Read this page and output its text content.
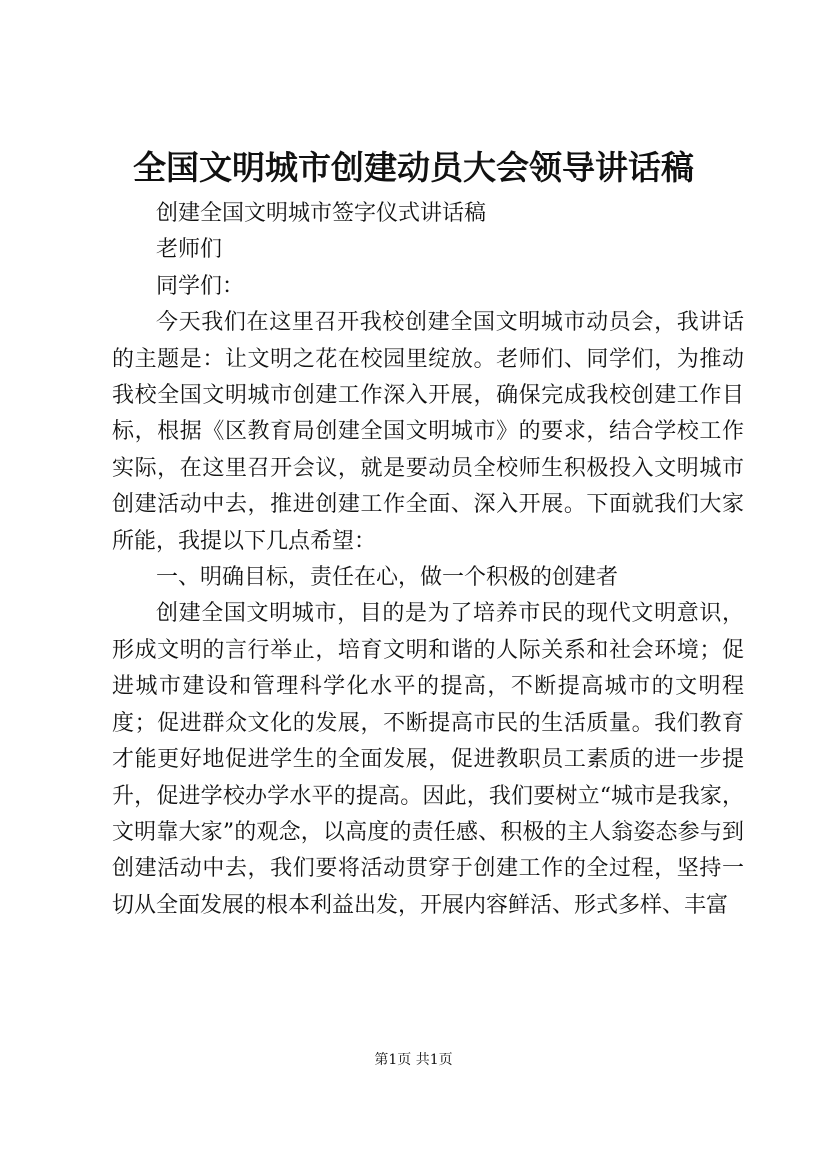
全国文明城市创建动员大会领导讲话稿

创建全国文明城市签字仪式讲话稿

老师们

同学们：

今天我们在这里召开我校创建全国文明城市动员会，我讲话的主题是：让文明之花在校园里绽放。老师们、同学们，为推动我校全国文明城市创建工作深入开展，确保完成我校创建工作目标，根据《区教育局创建全国文明城市》的要求，结合学校工作实际，在这里召开会议，就是要动员全校师生积极投入文明城市创建活动中去，推进创建工作全面、深入开展。下面就我们大家所能，我提以下几点希望：

一、明确目标，责任在心，做一个积极的创建者

创建全国文明城市，目的是为了培养市民的现代文明意识，形成文明的言行举止，培育文明和谐的人际关系和社会环境；促进城市建设和管理科学化水平的提高，不断提高城市的文明程度；促进群众文化的发展，不断提高市民的生活质量。我们教育才能更好地促进学生的全面发展，促进教职员工素质的进一步提升，促进学校办学水平的提高。因此，我们要树立“城市是我家，文明靠大家”的观念，以高度的责任感、积极的主人翁姿态参与到创建活动中去，我们要将活动贯穿于创建工作的全过程，坚持一切从全面发展的根本利益出发，开展内容鲜活、形式多样、丰富

第1页 共1页
